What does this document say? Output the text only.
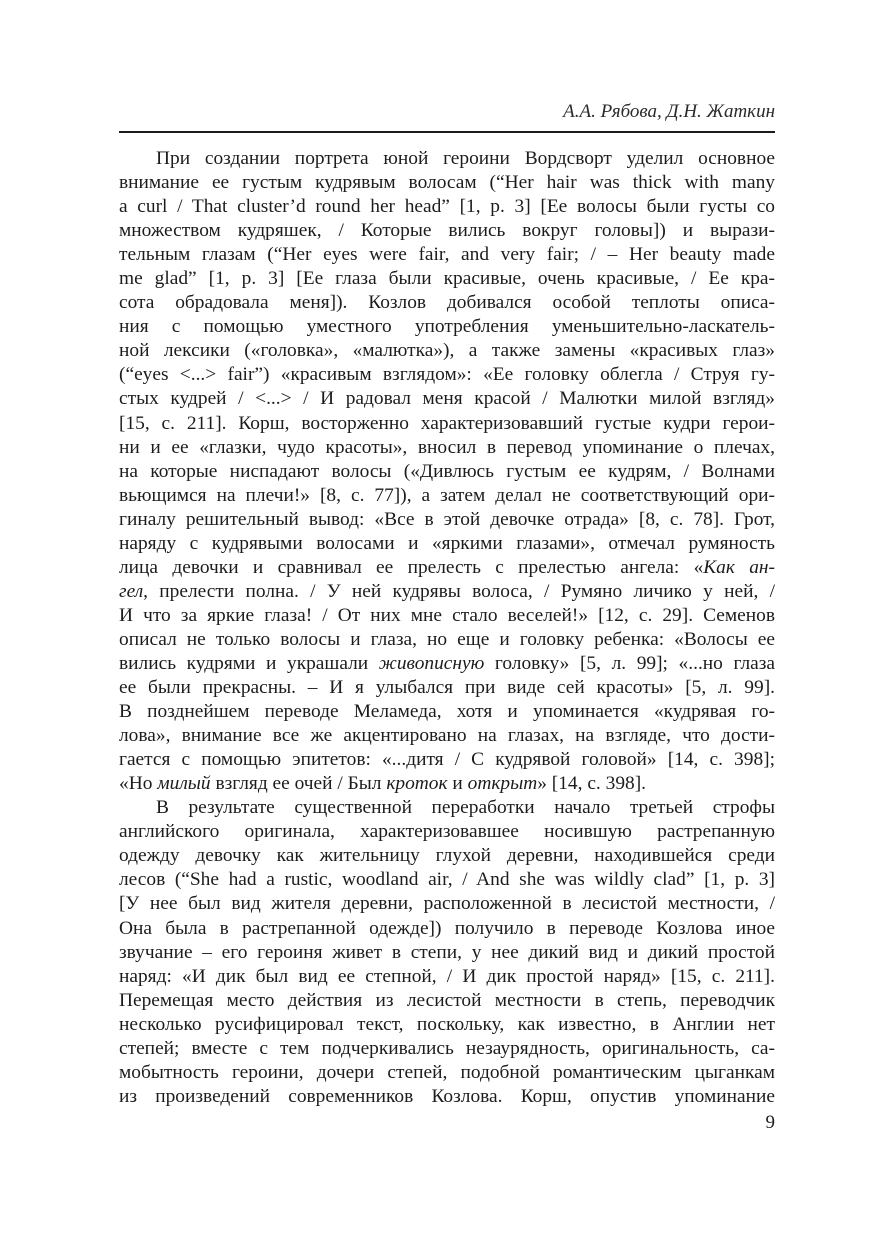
А.А. Рябова, Д.Н. Жаткин
При создании портрета юной героини Вордсворт уделил основное
внимание ее густым кудрявым волосам (“Her hair was thick with many
a curl / That cluster’d round her head” [1, p. 3] [Ее волосы были густы со
множеством кудряшек, / Которые вились вокруг головы]) и вырази-
тельным глазам (“Her eyes were fair, and very fair; / – Her beauty made
me glad” [1, p. 3] [Ее глаза были красивые, очень красивые, / Ее кра-
сота обрадовала меня]). Козлов добивался особой теплоты описа-
ния с помощью уместного употребления уменьшительно-ласкатель-
ной лексики («головка», «малютка»), а также замены «красивых глаз»
(“eyes <...> fair”) «красивым взглядом»: «Ее головку облегла / Струя гу-
стых кудрей / <...> / И радовал меня красой / Малютки милой взгляд»
[15, с. 211]. Корш, восторженно характеризовавший густые кудри герои-
ни и ее «глазки, чудо красоты», вносил в перевод упоминание о плечах,
на которые ниспадают волосы («Дивлюсь густым ее кудрям, / Волнами
вьющимся на плечи!» [8, с. 77]), а затем делал не соответствующий ори-
гиналу решительный вывод: «Все в этой девочке отрада» [8, с. 78]. Грот,
наряду с кудрявыми волосами и «яркими глазами», отмечал румяность
лица девочки и сравнивал ее прелесть с прелестью ангела: «Как ан-
гел, прелести полна. / У ней кудрявы волоса, / Румяно личико у ней, /
И что за яркие глаза! / От них мне стало веселей!» [12, с. 29]. Семенов
описал не только волосы и глаза, но еще и головку ребенка: «Волосы ее
вились кудрями и украшали живописную головку» [5, л. 99]; «...но глаза
ее были прекрасны. – И я улыбался при виде сей красоты» [5, л. 99].
В позднейшем переводе Меламеда, хотя и упоминается «кудрявая го-
лова», внимание все же акцентировано на глазах, на взгляде, что дости-
гается с помощью эпитетов: «...дитя / С кудрявой головой» [14, с. 398];
«Но милый взгляд ее очей / Был кроток и открыт» [14, с. 398].
В результате существенной переработки начало третьей строфы
английского оригинала, характеризовавшее носившую растрепанную
одежду девочку как жительницу глухой деревни, находившейся среди
лесов (“She had a rustic, woodland air, / And she was wildly clad” [1, p. 3]
[У нее был вид жителя деревни, расположенной в лесистой местности, /
Она была в растрепанной одежде]) получило в переводе Козлова иное
звучание – его героиня живет в степи, у нее дикий вид и дикий простой
наряд: «И дик был вид ее степной, / И дик простой наряд» [15, с. 211].
Перемещая место действия из лесистой местности в степь, переводчик
несколько русифицировал текст, поскольку, как известно, в Англии нет
степей; вместе с тем подчеркивались незаурядность, оригинальность, са-
мобытность героини, дочери степей, подобной романтическим цыганкам
из произведений современников Козлова. Корш, опустив упоминание
9
